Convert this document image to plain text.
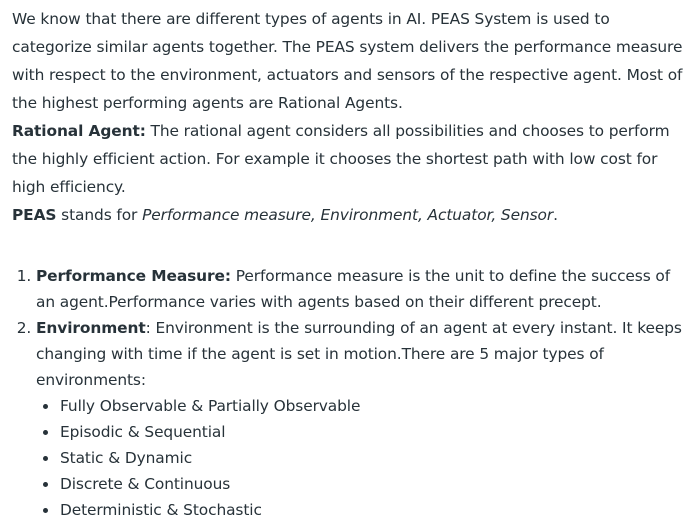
We know that there are different types of agents in AI. PEAS System is used to categorize similar agents together. The PEAS system delivers the performance measure with respect to the environment, actuators and sensors of the respective agent. Most of the highest performing agents are Rational Agents.

Rational Agent: The rational agent considers all possibilities and chooses to perform the highly efficient action. For example it chooses the shortest path with low cost for high efficiency.

PEAS stands for Performance measure, Environment, Actuator, Sensor.

1. Performance Measure: Performance measure is the unit to define the success of an agent.Performance varies with agents based on their different precept.
2. Environment: Environment is the surrounding of an agent at every instant. It keeps changing with time if the agent is set in motion.There are 5 major types of environments:
Fully Observable & Partially Observable
Episodic & Sequential
Static & Dynamic
Discrete & Continuous
Deterministic & Stochastic
